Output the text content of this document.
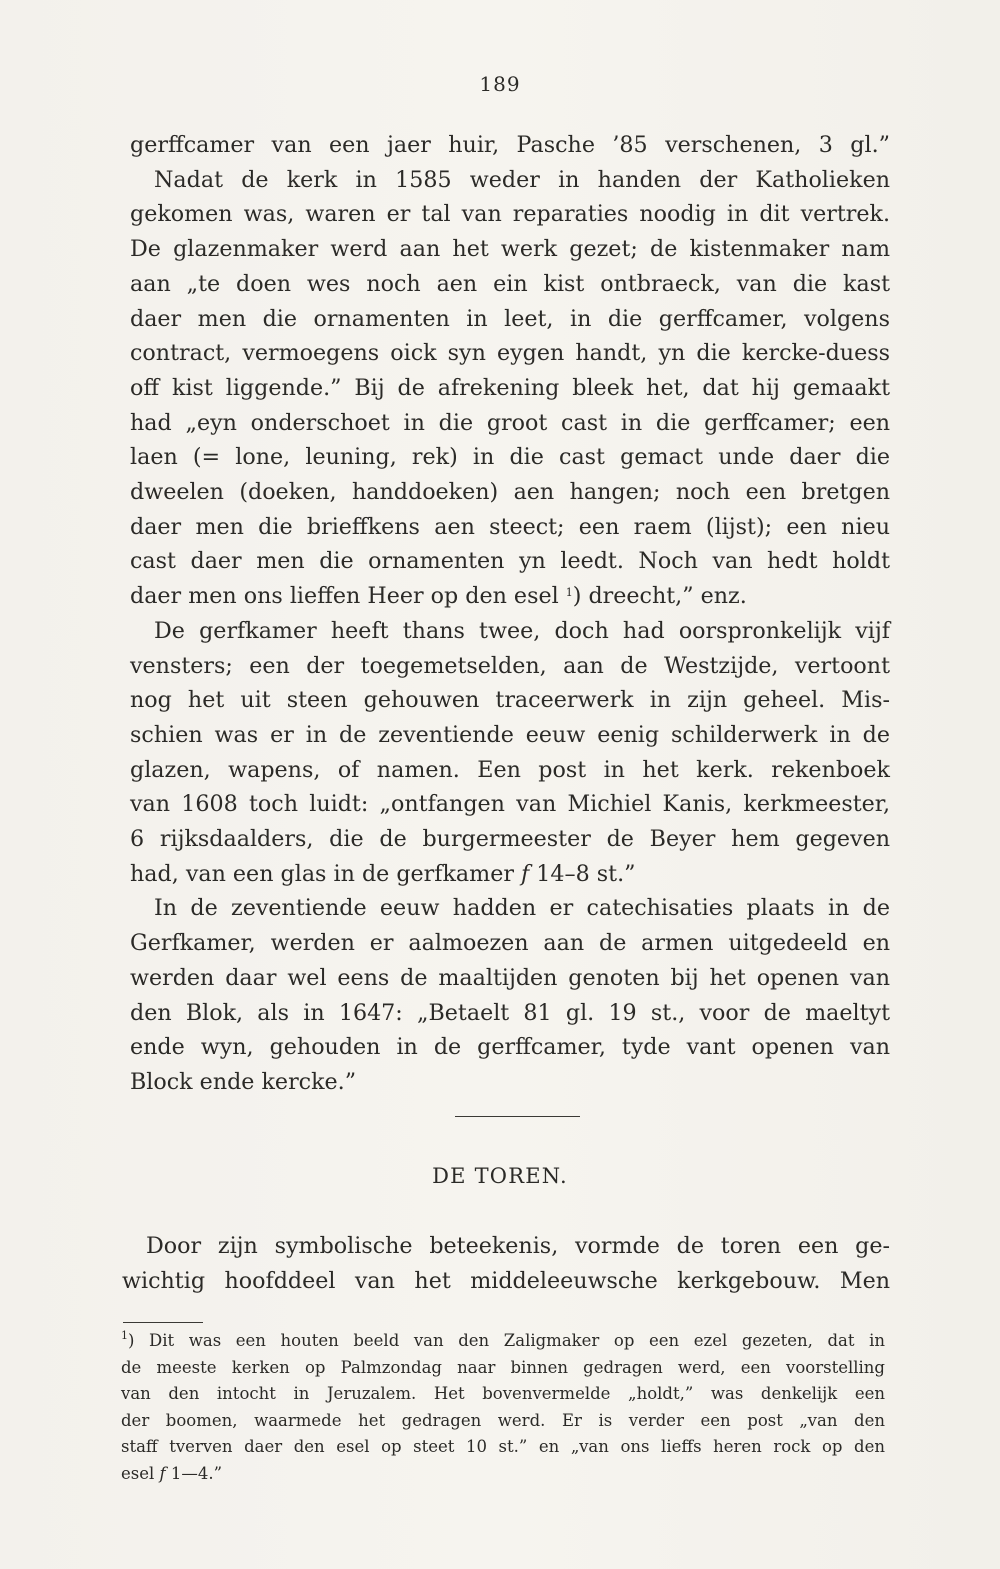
189
gerffcamer van een jaer huir, Pasche ’85 verschenen, 3 gl.”
Nadat de kerk in 1585 weder in handen der Katholieken
gekomen was, waren er tal van reparaties noodig in dit vertrek.
De glazenmaker werd aan het werk gezet; de kistenmaker nam
aan „te doen wes noch aen ein kist ontbraeck, van die kast
daer men die ornamenten in leet, in die gerffcamer, volgens
contract, vermoegens oick syn eygen handt, yn die kercke-duess
off kist liggende.” Bij de afrekening bleek het, dat hij gemaakt
had „eyn onderschoet in die groot cast in die gerffcamer; een
laen (= lone, leuning, rek) in die cast gemact unde daer die
dweelen (doeken, handdoeken) aen hangen; noch een bretgen
daer men die brieffkens aen steect; een raem (lijst); een nieu
cast daer men die ornamenten yn leedt. Noch van hedt holdt
daer men ons lieffen Heer op den esel $^1$) dreecht,” enz.
De gerfkamer heeft thans twee, doch had oorspronkelijk vijf
vensters; een der toegemetselden, aan de Westzijde, vertoont
nog het uit steen gehouwen traceerwerk in zijn geheel. Mis-
schien was er in de zeventiende eeuw eenig schilderwerk in de
glazen, wapens, of namen. Een post in het kerk. rekenboek
van 1608 toch luidt: „ontfangen van Michiel Kanis, kerkmeester,
6 rijksdaalders, die de burgermeester de Beyer hem gegeven
had, van een glas in de gerfkamer f 14–8 st.”
In de zeventiende eeuw hadden er catechisaties plaats in de
Gerfkamer, werden er aalmoezen aan de armen uitgedeeld en
werden daar wel eens de maaltijden genoten bij het openen van
den Blok, als in 1647: „Betaelt 81 gl. 19 st., voor de maeltyt
ende wyn, gehouden in de gerffcamer, tyde vant openen van
Block ende kercke.”
DE TOREN.
Door zijn symbolische beteekenis, vormde de toren een ge-
wichtig hoofddeel van het middeleeuwsche kerkgebouw. Men
$^1$) Dit was een houten beeld van den Zaligmaker op een ezel gezeten, dat in
de meeste kerken op Palmzondag naar binnen gedragen werd, een voorstelling
van den intocht in Jeruzalem. Het bovenvermelde „holdt,” was denkelijk een
der boomen, waarmede het gedragen werd. Er is verder een post „van den
staff tverven daer den esel op steet 10 st.” en „van ons lieffs heren rock op den
esel f 1—4.”
